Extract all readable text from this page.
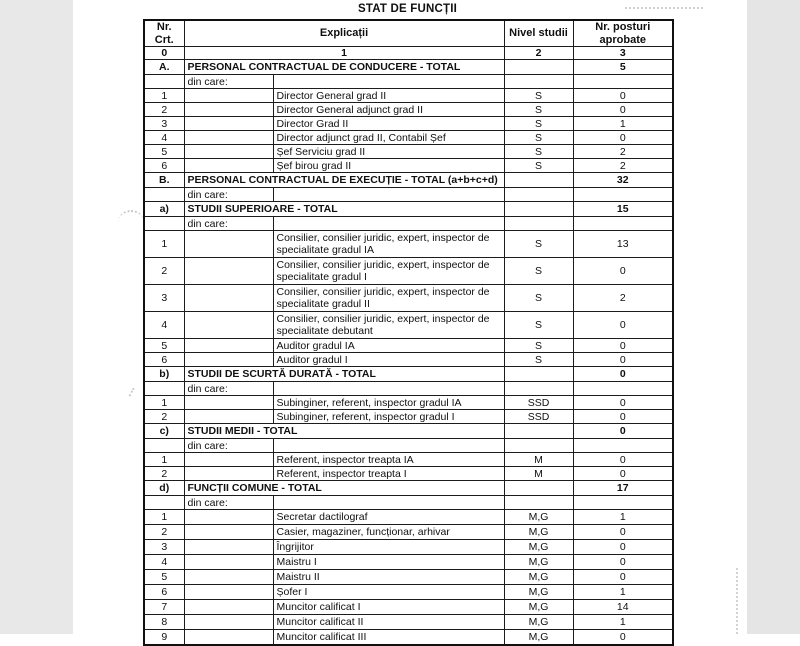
STAT DE FUNCȚII
Nr. Crt.	Explicații		Nivel studii	Nr. posturi aprobate
0	1		2	3
A.	PERSONAL CONTRACTUAL DE CONDUCERE - TOTAL			5
	din care:			
1		Director General grad II	S	0
2		Director General adjunct grad II	S	0
3		Director Grad II	S	1
4		Director adjunct grad II, Contabil Șef	S	0
5		Șef Serviciu grad II	S	2
6		Șef birou grad II	S	2
B.	PERSONAL CONTRACTUAL DE EXECUȚIE - TOTAL (a+b+c+d)			32
	din care:			
a)	STUDII SUPERIOARE - TOTAL			15
	din care:			
1		Consilier, consilier juridic, expert, inspector de specialitate gradul IA	S	13
2		Consilier, consilier juridic, expert, inspector de specialitate gradul I	S	0
3		Consilier, consilier juridic, expert, inspector de specialitate gradul II	S	2
4		Consilier, consilier juridic, expert, inspector de specialitate debutant	S	0
5		Auditor gradul IA	S	0
6		Auditor gradul I	S	0
b)	STUDII DE SCURTĂ DURATĂ - TOTAL			0
	din care:			
1		Subinginer, referent, inspector gradul IA	SSD	0
2		Subinginer, referent, inspector gradul I	SSD	0
c)	STUDII MEDII - TOTAL			0
	din care:			
1		Referent, inspector treapta IA	M	0
2		Referent, inspector treapta I	M	0
d)	FUNCȚII COMUNE - TOTAL			17
	din care:			
1		Secretar dactilograf	M,G	1
2		Casier, magaziner, funcționar, arhivar	M,G	0
3		Îngrijitor	M,G	0
4		Maistru I	M,G	0
5		Maistru II	M,G	0
6		Șofer I	M,G	1
7		Muncitor calificat I	M,G	14
8		Muncitor calificat II	M,G	1
9		Muncitor calificat III	M,G	0
